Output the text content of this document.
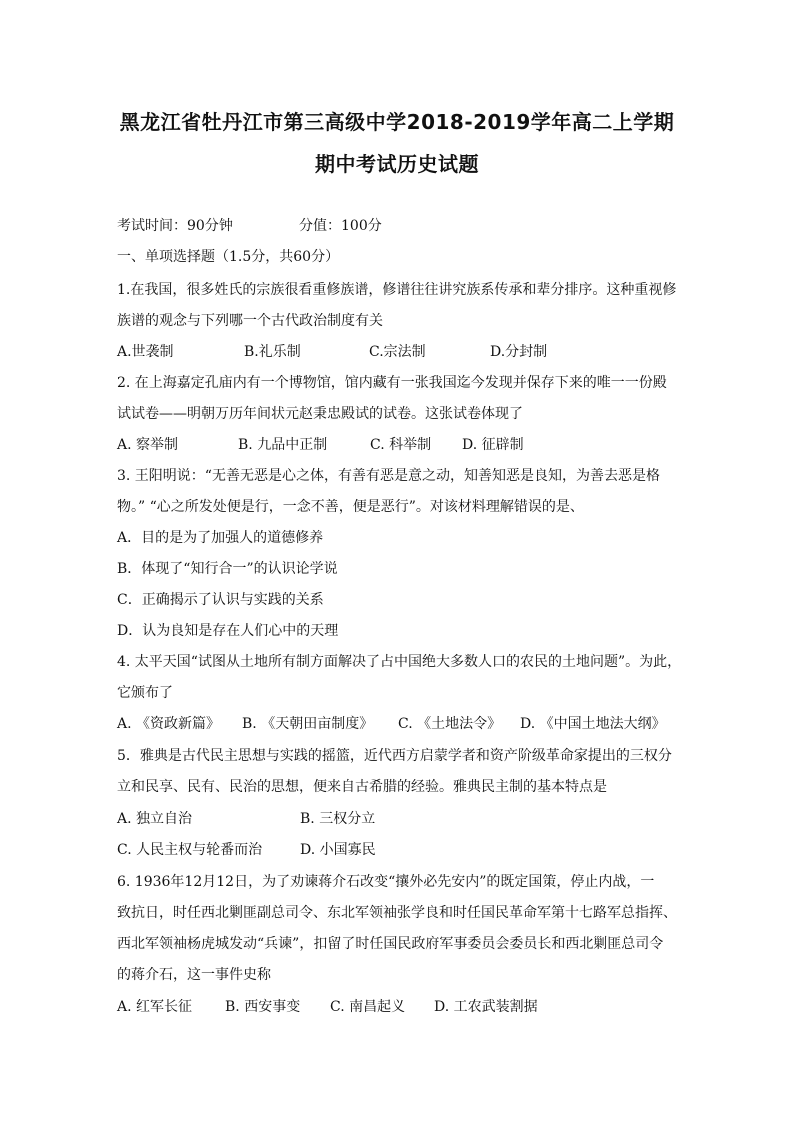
黑龙江省牡丹江市第三高级中学2018-2019学年高二上学期
期中考试历史试题
考试时间：90分钟	分值：100分
一、单项选择题（1.5分，共60分）
1.在我国，很多姓氏的宗族很看重修族谱，修谱往往讲究族系传承和辈分排序。这种重视修
族谱的观念与下列哪一个古代政治制度有关
A.世袭制	B.礼乐制	C.宗法制	D.分封制
2. 在上海嘉定孔庙内有一个博物馆，馆内藏有一张我国迄今发现并保存下来的唯一一份殿
试试卷——明朝万历年间状元赵秉忠殿试的试卷。这张试卷体现了
A. 察举制	B. 九品中正制	C. 科举制 D. 征辟制
3. 王阳明说：“无善无恶是心之体，有善有恶是意之动，知善知恶是良知，为善去恶是格
物。” “心之所发处便是行，一念不善，便是恶行”。对该材料理解错误的是、
A．目的是为了加强人的道德修养
B．体现了“知行合一”的认识论学说
C．正确揭示了认识与实践的关系
D．认为良知是存在人们心中的天理
4. 太平天国“试图从土地所有制方面解决了占中国绝大多数人口的农民的土地问题”。为此，
它颁布了
A. 《资政新篇》 B. 《天朝田亩制度》 C. 《土地法令》 D. 《中国土地法大纲》
5．雅典是古代民主思想与实践的摇篮，近代西方启蒙学者和资产阶级革命家提出的三权分
立和民享、民有、民治的思想，便来自古希腊的经验。雅典民主制的基本特点是
A. 独立自治	B. 三权分立
C. 人民主权与轮番而治	D. 小国寡民
6. 1936年12月12日，为了劝谏蒋介石改变“攘外必先安内”的既定国策，停止内战，一
致抗日，时任西北剿匪副总司令、东北军领袖张学良和时任国民革命军第十七路军总指挥、
西北军领袖杨虎城发动“兵谏”，扣留了时任国民政府军事委员会委员长和西北剿匪总司令
的蒋介石，这一事件史称
A. 红军长征 B. 西安事变 C. 南昌起义 D. 工农武装割据
